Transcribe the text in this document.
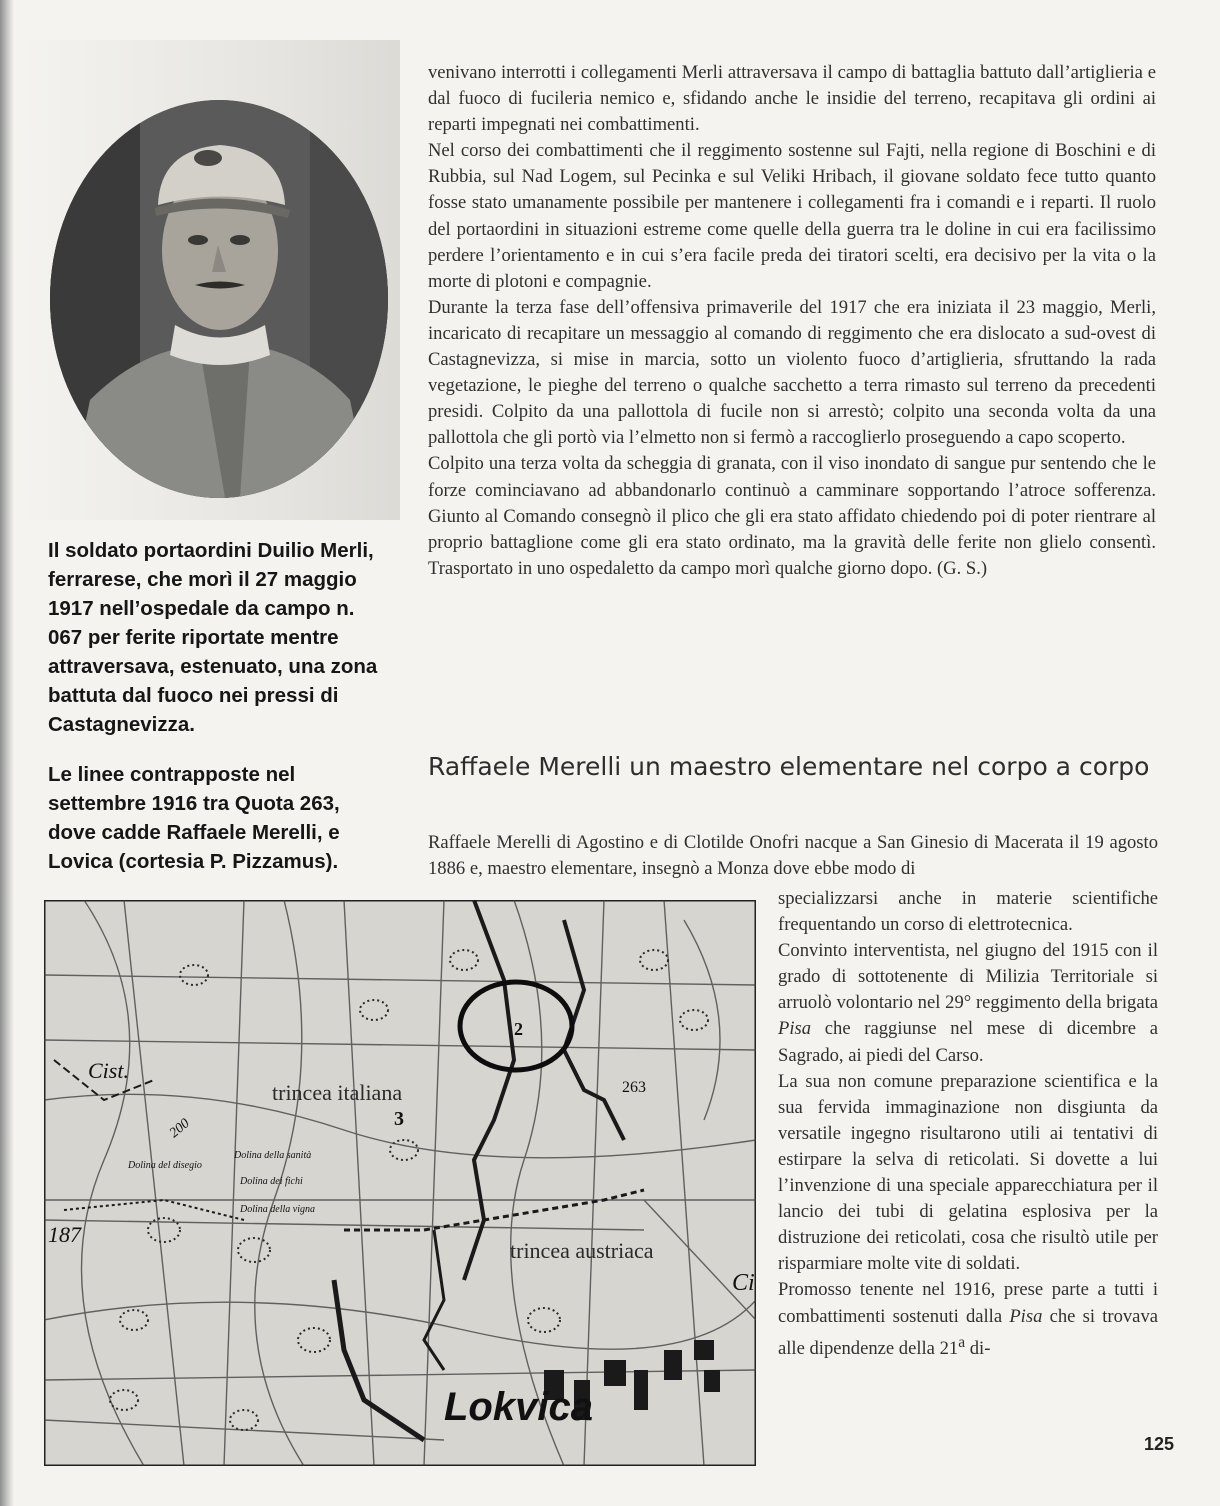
Il soldato portaordini Duilio Merli, ferrarese, che morì il 27 maggio 1917 nell’ospedale da campo n. 067 per ferite riportate mentre attraversava, estenuato, una zona battuta dal fuoco nei pressi di Castagnevizza.

Le linee contrapposte nel settembre 1916 tra Quota 263, dove cadde Raffaele Merelli, e Lovica (cortesia P. Pizzamus).

venivano interrotti i collegamenti Merli attraversava il campo di battaglia battuto dall’artiglieria e dal fuoco di fucileria nemico e, sfidando anche le insidie del terreno, recapitava gli ordini ai reparti impegnati nei combattimenti.

Nel corso dei combattimenti che il reggimento sostenne sul Fajti, nella regione di Boschini e di Rubbia, sul Nad Logem, sul Pecinka e sul Veliki Hribach, il giovane soldato fece tutto quanto fosse stato umanamente possibile per mantenere i collegamenti fra i comandi e i reparti. Il ruolo del portaordini in situazioni estreme come quelle della guerra tra le doline in cui era facilissimo perdere l’orientamento e in cui s’era facile preda dei tiratori scelti, era decisivo per la vita o la morte di plotoni e compagnie.

Durante la terza fase dell’offensiva primaverile del 1917 che era iniziata il 23 maggio, Merli, incaricato di recapitare un messaggio al comando di reggimento che era dislocato a sud-ovest di Castagnevizza, si mise in marcia, sotto un violento fuoco d’artiglieria, sfruttando la rada vegetazione, le pieghe del terreno o qualche sacchetto a terra rimasto sul terreno da precedenti presidi. Colpito da una pallottola di fucile non si arrestò; colpito una seconda volta da una pallottola che gli portò via l’elmetto non si fermò a raccoglierlo proseguendo a capo scoperto.

Colpito una terza volta da scheggia di granata, con il viso inondato di sangue pur sentendo che le forze cominciavano ad abbandonarlo continuò a camminare sopportando l’atroce sofferenza. Giunto al Comando consegnò il plico che gli era stato affidato chiedendo poi di poter rientrare al proprio battaglione come gli era stato ordinato, ma la gravità delle ferite non glielo consentì. Trasportato in uno ospedaletto da campo morì qualche giorno dopo. (G. S.)

Raffaele Merelli un maestro elementare nel corpo a corpo

Raffaele Merelli di Agostino e di Clotilde Onofri nacque a San Ginesio di Macerata il 19 agosto 1886 e, maestro elementare, insegnò a Monza dove ebbe modo di

specializzarsi anche in materie scientifiche frequentando un corso di elettrotecnica.

Convinto interventista, nel giugno del 1915 con il grado di sottotenente di Milizia Territoriale si arruolò volontario nel 29° reggimento della brigata Pisa che raggiunse nel mese di dicembre a Sagrado, ai piedi del Carso.

La sua non comune preparazione scientifica e la sua fervida immaginazione non disgiunta da versatile ingegno risultarono utili ai tentativi di estirpare la selva di reticolati. Si dovette a lui l’invenzione di una speciale apparecchiatura per il lancio dei tubi di gelatina esplosiva per la distruzione dei reticolati, cosa che risultò utile per risparmiare molte vite di soldati.

Promosso tenente nel 1916, prese parte a tutti i combattimenti sostenuti dalla Pisa che si trovava alle dipendenze della 21$^a$ di-

2
trincea italiana
trincea austriaca
Cist.
Lokvica
263
187
200	3
Dolina del disegio
Dolina della sanità
Dolina dei fichi
Dolina della vigna
Ci
125
